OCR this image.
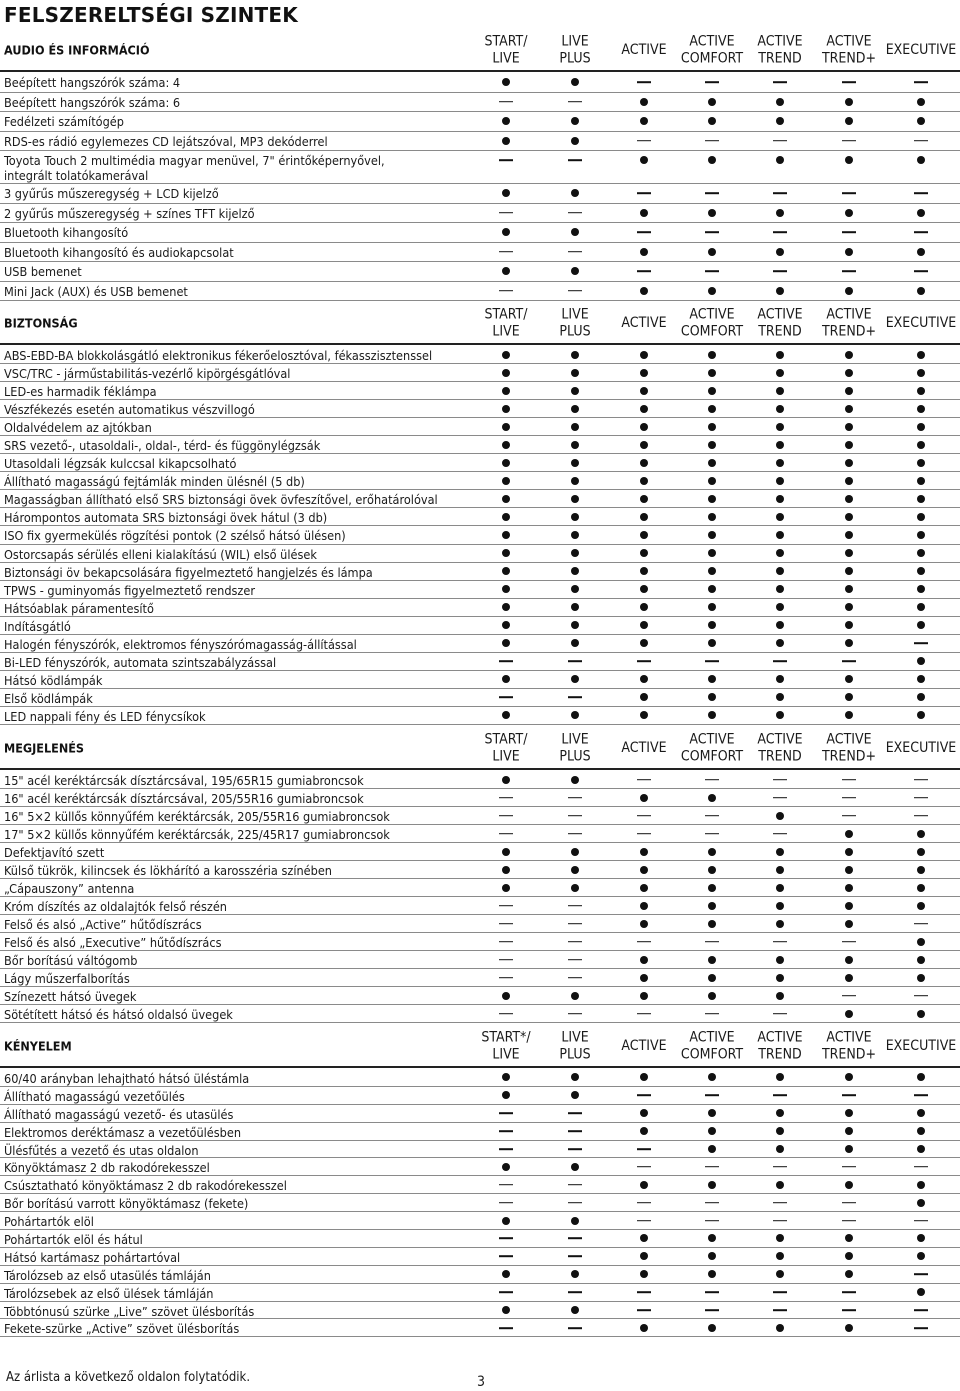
FELSZERELTSÉGI SZINTEK
AUDIO ÉS INFORMÁCIÓ
START/
LIVE
LIVE
PLUS
ACTIVE
ACTIVE
COMFORT
ACTIVE
TREND
ACTIVE
TREND+
EXECUTIVE
Beépített hangszórók száma: 4
Beépített hangszórók száma: 6
Fedélzeti számítógép
RDS-es rádió egylemezes CD lejátszóval, MP3 dekóderrel
Toyota Touch 2 multimédia magyar menüvel, 7" érintőképernyővel,
integrált tolatókamerával
3 gyűrűs műszeregység + LCD kijelző
2 gyűrűs műszeregység + színes TFT kijelző
Bluetooth kihangosító
Bluetooth kihangosító és audiokapcsolat
USB bemenet
Mini Jack (AUX) és USB bemenet
BIZTONSÁG
START/
LIVE
LIVE
PLUS
ACTIVE
ACTIVE
COMFORT
ACTIVE
TREND
ACTIVE
TREND+
EXECUTIVE
ABS-EBD-BA blokkolásgátló elektronikus fékerőelosztóval, fékasszisztenssel
VSC/TRC - járműstabilitás-vezérlő kipörgésgátlóval
LED-es harmadik féklámpa
Vészfékezés esetén automatikus vészvillogó
Oldalvédelem az ajtókban
SRS vezető-, utasoldali-, oldal-, térd- és függönylégzsák
Utasoldali légzsák kulccsal kikapcsolható
Állítható magasságú fejtámlák minden ülésnél (5 db)
Magasságban állítható első SRS biztonsági övek övfeszítővel, erőhatárolóval
Hárompontos automata SRS biztonsági övek hátul (3 db)
ISO fix gyermekülés rögzítési pontok (2 szélső hátsó ülésen)
Ostorcsapás sérülés elleni kialakítású (WIL) első ülések
Biztonsági öv bekapcsolására figyelmeztető hangjelzés és lámpa
TPWS - guminyomás figyelmeztető rendszer
Hátsóablak páramentesítő
Indításgátló
Halogén fényszórók, elektromos fényszórómagasság-állítással
Bi-LED fényszórók, automata szintszabályzással
Hátsó ködlámpák
Első ködlámpák
LED nappali fény és LED fénycsíkok
MEGJELENÉS
START/
LIVE
LIVE
PLUS
ACTIVE
ACTIVE
COMFORT
ACTIVE
TREND
ACTIVE
TREND+
EXECUTIVE
15" acél keréktárcsák dísztárcsával, 195/65R15 gumiabroncsok
16" acél keréktárcsák dísztárcsával, 205/55R16 gumiabroncsok
16" 5×2 küllős könnyűfém keréktárcsák, 205/55R16 gumiabroncsok
17" 5×2 küllős könnyűfém keréktárcsák, 225/45R17 gumiabroncsok
Defektjavító szett
Külső tükrök, kilincsek és lökhárító a karosszéria színében
„Cápauszony” antenna
Króm díszítés az oldalajtók felső részén
Felső és alsó „Active” hűtődíszrács
Felső és alsó „Executive” hűtődíszrács
Bőr borítású váltógomb
Lágy műszerfalborítás
Színezett hátsó üvegek
Sötétített hátsó és hátsó oldalsó üvegek
KÉNYELEM
START*/
LIVE
LIVE
PLUS
ACTIVE
ACTIVE
COMFORT
ACTIVE
TREND
ACTIVE
TREND+
EXECUTIVE
60/40 arányban lehajtható hátsó üléstámla
Állítható magasságú vezetőülés
Állítható magasságú vezető- és utasülés
Elektromos deréktámasz a vezetőülésben
Ülésfűtés a vezető és utas oldalon
Könyöktámasz 2 db rakodórekesszel
Csúsztatható könyöktámasz 2 db rakodórekesszel
Bőr borítású varrott könyöktámasz (fekete)
Pohártartók elöl
Pohártartók elöl és hátul
Hátsó kartámasz pohártartóval
Tárolózseb az első utasülés támláján
Tárolózsebek az első ülések támláján
Többtónusú szürke „Live” szövet ülésborítás
Fekete-szürke „Active” szövet ülésborítás

Az árlista a következő oldalon folytatódik.	3
